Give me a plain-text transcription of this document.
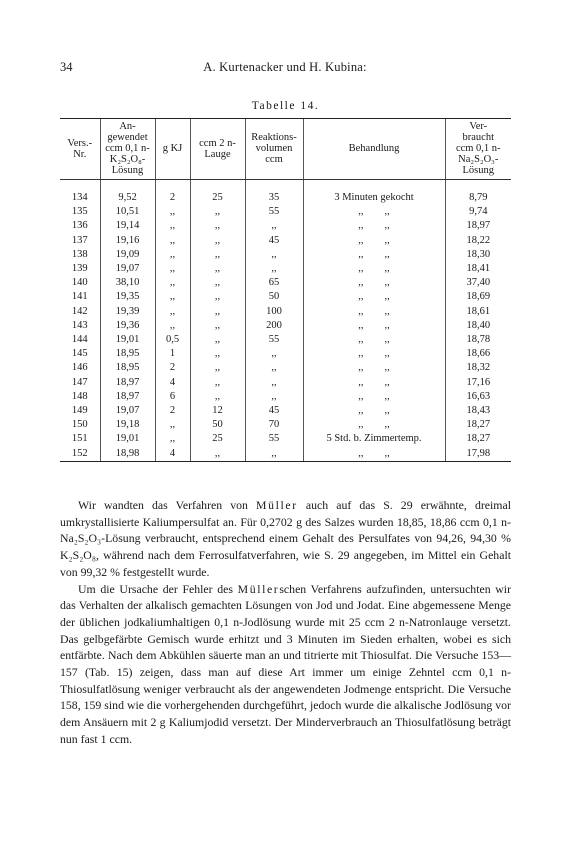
34	A. Kurtenacker und H. Kubina:
Tabelle 14.

Vers.-
Nr.	An-
gewendet
ccm 0,1 n-
K₂S₂O₈-
Lösung	g KJ	ccm 2 n-
Lauge	Reaktions-
volumen
ccm	Behandlung	Ver-
braucht
ccm 0,1 n-
Na₂S₂O₃-
Lösung

134	9,52	2	25	35	3 Minuten gekocht	8,79
135	10,51	,,	,,	55	,,        ,,	9,74
136	19,14	,,	,,	,,	,,        ,,	18,97
137	19,16	,,	,,	45	,,        ,,	18,22
138	19,09	,,	,,	,,	,,        ,,	18,30
139	19,07	,,	,,	,,	,,        ,,	18,41
140	38,10	,,	,,	65	,,        ,,	37,40
141	19,35	,,	,,	50	,,        ,,	18,69
142	19,39	,,	,,	100	,,        ,,	18,61
143	19,36	,,	,,	200	,,        ,,	18,40
144	19,01	0,5	,,	55	,,        ,,	18,78
145	18,95	1	,,	,,	,,        ,,	18,66
146	18,95	2	,,	,,	,,        ,,	18,32
147	18,97	4	,,	,,	,,        ,,	17,16
148	18,97	6	,,	,,	,,        ,,	16,63
149	19,07	2	12	45	,,        ,,	18,43
150	19,18	,,	50	70	,,        ,,	18,27
151	19,01	,,	25	55	5 Std. b. Zimmertemp.	18,27
152	18,98	4	,,	,,	,,        ,,	17,98

Wir wandten das Verfahren von Müller auch auf das S. 29 erwähnte, dreimal umkrystallisierte Kaliumpersulfat an. Für 0,2702 g des Salzes wurden 18,85, 18,86 ccm 0,1 n-Na₂S₂O₃-Lösung verbraucht, entsprechend einem Gehalt des Persulfates von 94,26, 94,30 % K₂S₂O₈, während nach dem Ferrosulfatverfahren, wie S. 29 angegeben, im Mittel ein Gehalt von 99,32 % festgestellt wurde.

Um die Ursache der Fehler des Müllerschen Verfahrens aufzufinden, untersuchten wir das Verhalten der alkalisch gemachten Lösungen von Jod und Jodat. Eine abgemessene Menge der üblichen jodkaliumhaltigen 0,1 n-Jodlösung wurde mit 25 ccm 2 n-Natronlauge versetzt. Das gelbgefärbte Gemisch wurde erhitzt und 3 Minuten im Sieden erhalten, wobei es sich entfärbte. Nach dem Abkühlen säuerte man an und titrierte mit Thiosulfat. Die Versuche 153—157 (Tab. 15) zeigen, dass man auf diese Art immer um einige Zehntel ccm 0,1 n-Thiosulfatlösung weniger verbraucht als der angewendeten Jodmenge entspricht. Die Versuche 158, 159 sind wie die vorhergehenden durchgeführt, jedoch wurde die alkalische Jodlösung vor dem Ansäuern mit 2 g Kaliumjodid versetzt. Der Minderverbrauch an Thiosulfatlösung beträgt nun fast 1 ccm.
